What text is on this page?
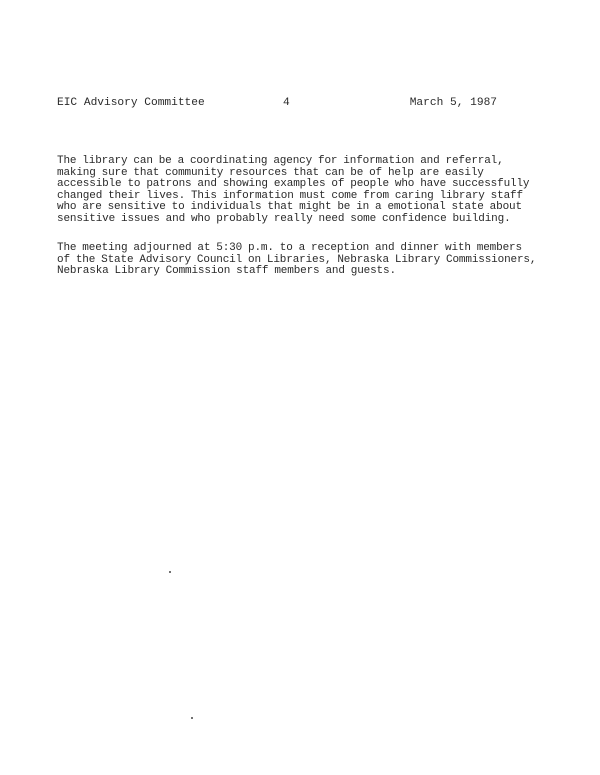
EIC Advisory Committee	4	March 5, 1987
The library can be a coordinating agency for information and referral,
making sure that community resources that can be of help are easily
accessible to patrons and showing examples of people who have successfully
changed their lives. This information must come from caring library staff
who are sensitive to individuals that might be in a emotional state about
sensitive issues and who probably really need some confidence building.
The meeting adjourned at 5:30 p.m. to a reception and dinner with members
of the State Advisory Council on Libraries, Nebraska Library Commissioners,
Nebraska Library Commission staff members and guests.
